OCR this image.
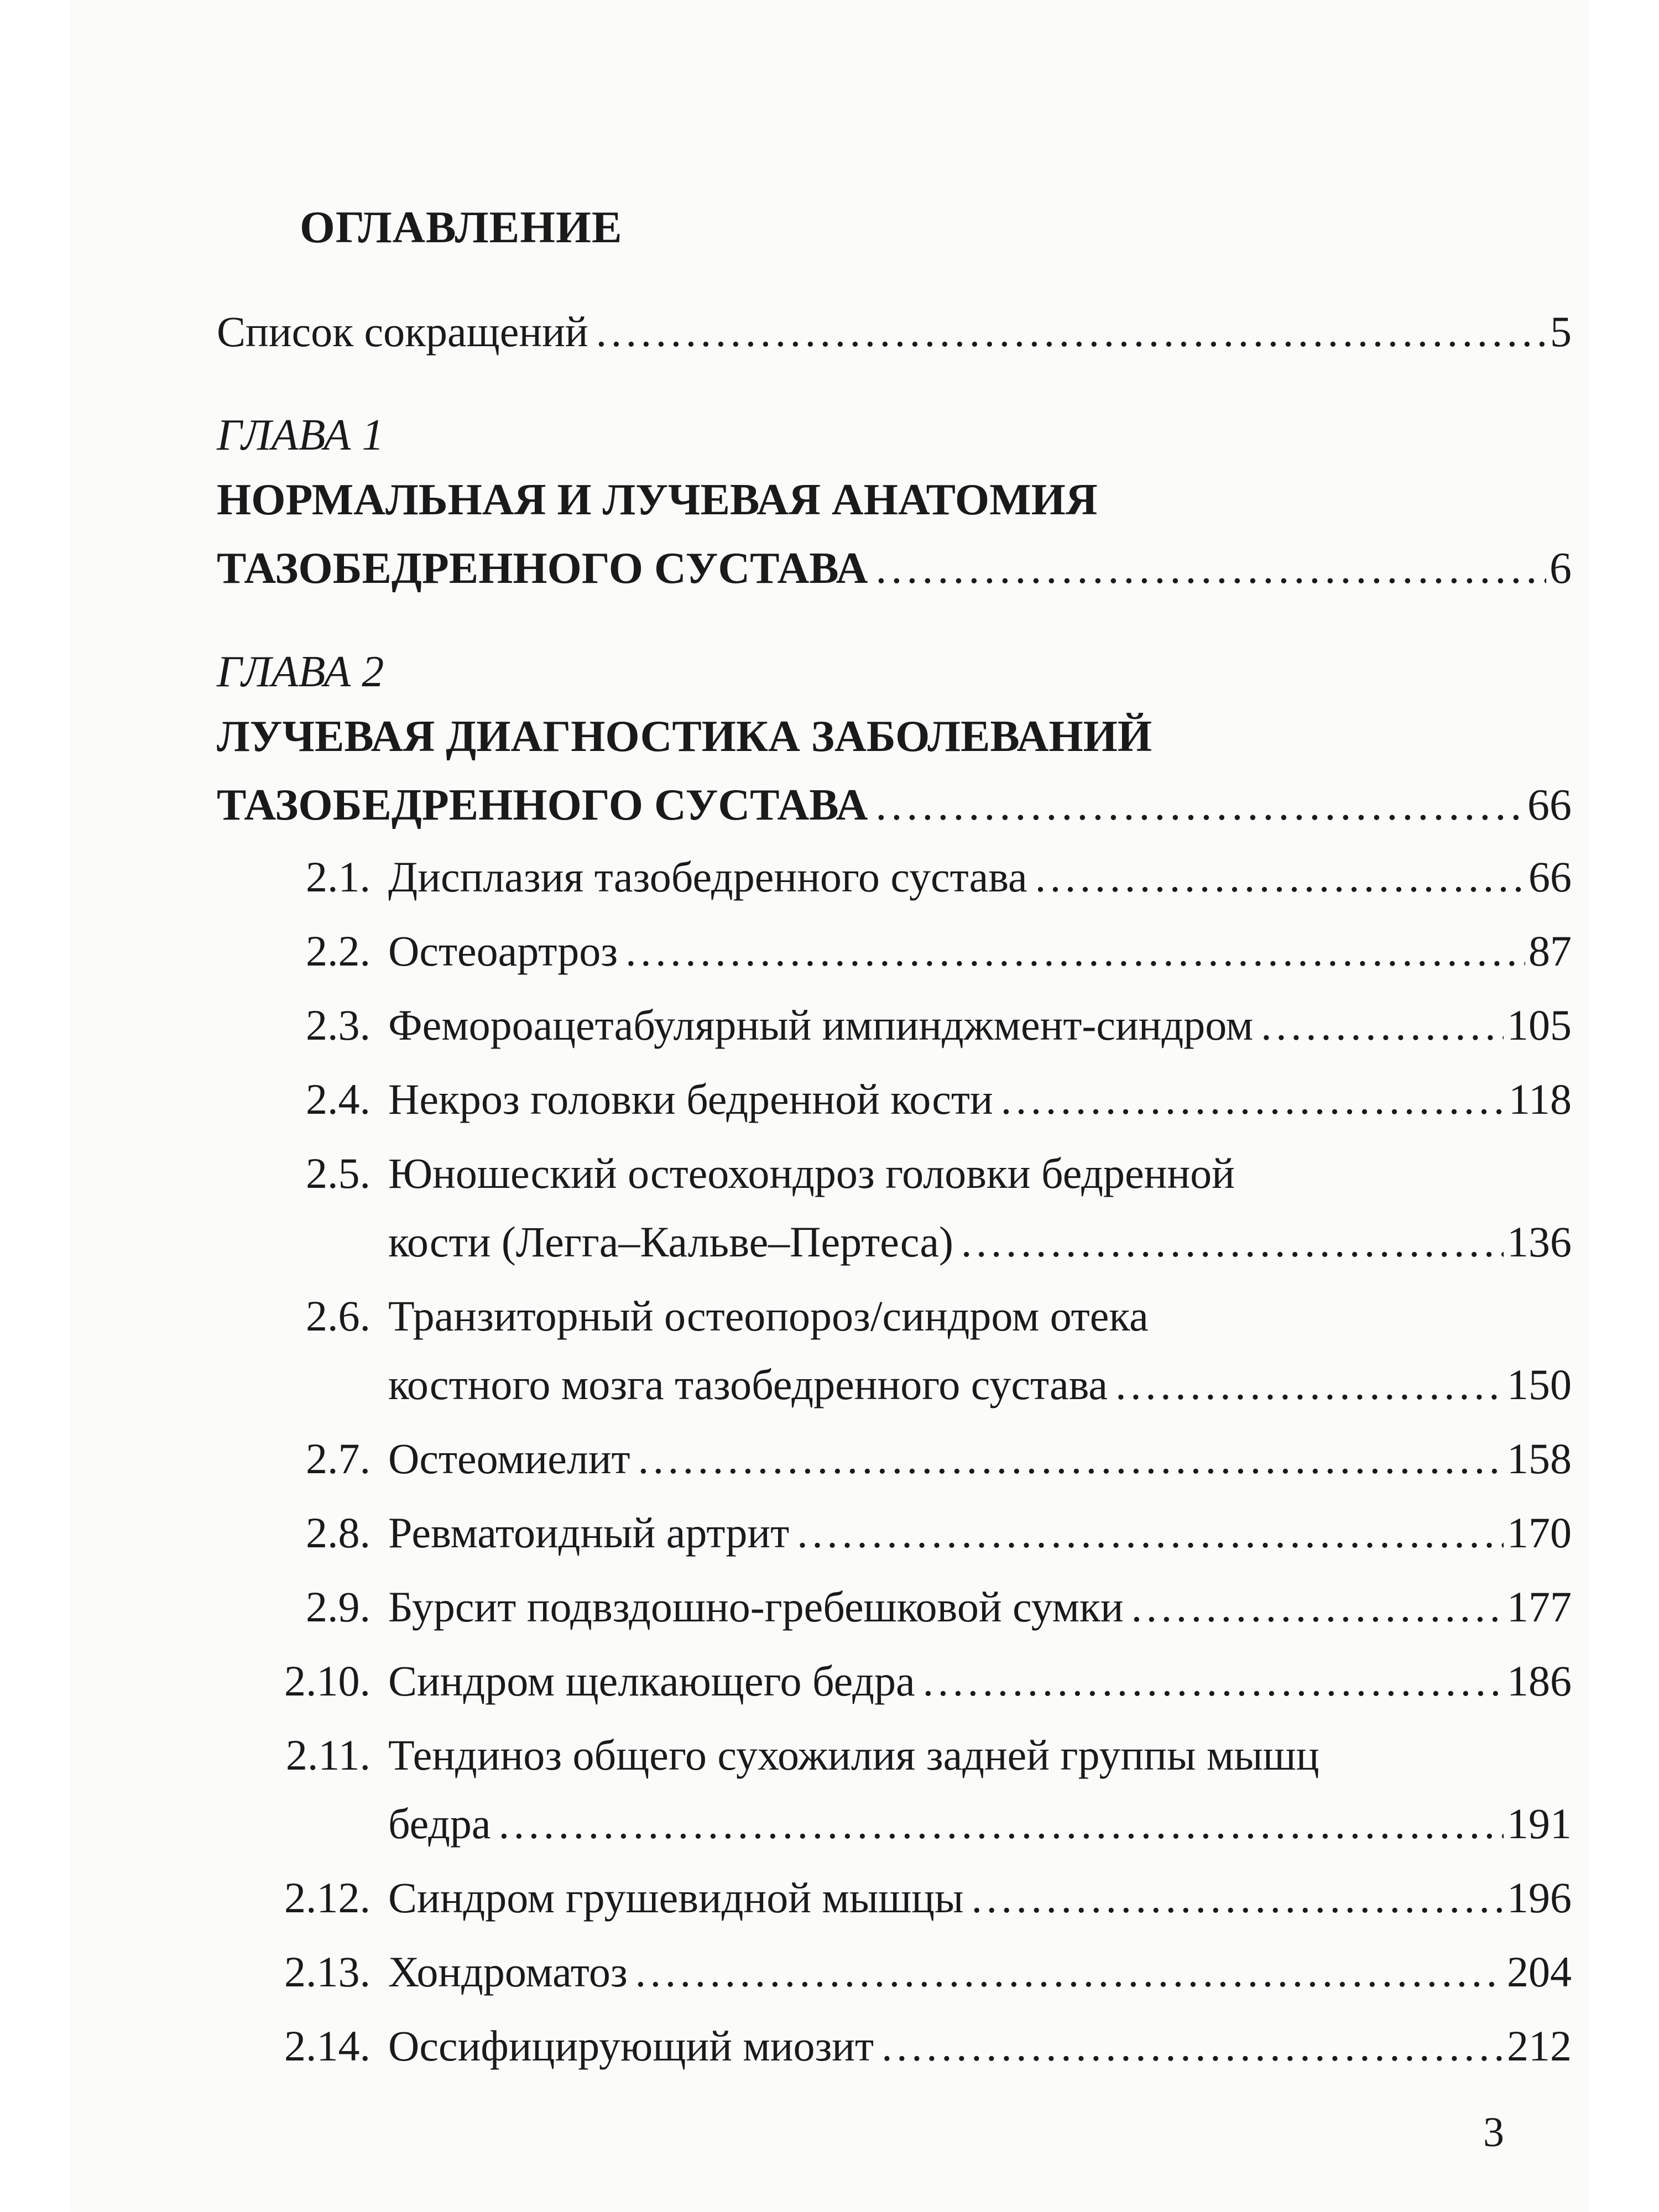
ОГЛАВЛЕНИЕ
Список сокращений . . .	5
ГЛАВА 1
НОРМАЛЬНАЯ И ЛУЧЕВАЯ АНАТОМИЯ
ТАЗОБЕДРЕННОГО СУСТАВА . . .	6
ГЛАВА 2
ЛУЧЕВАЯ ДИАГНОСТИКА ЗАБОЛЕВАНИЙ
ТАЗОБЕДРЕННОГО СУСТАВА . . .	66
2.1. Дисплазия тазобедренного сустава . . .	66
2.2. Остеоартроз . . .	87
2.3. Фемороацетабулярный импинджмент-синдром . . .	105
2.4. Некроз головки бедренной кости . . .	118
2.5. Юношеский остеохондроз головки бедренной
кости (Легга–Кальве–Пертеса) . . .	136
2.6. Транзиторный остеопороз/синдром отека
костного мозга тазобедренного сустава . . .	150
2.7. Остеомиелит . . .	158
2.8. Ревматоидный артрит . . .	170
2.9. Бурсит подвздошно-гребешковой сумки . . .	177
2.10. Синдром щелкающего бедра . . .	186
2.11. Тендиноз общего сухожилия задней группы мышц
бедра . . .	191
2.12. Синдром грушевидной мышцы . . .	196
2.13. Хондроматоз . . .	204
2.14. Оссифицирующий миозит . . .	212
3
